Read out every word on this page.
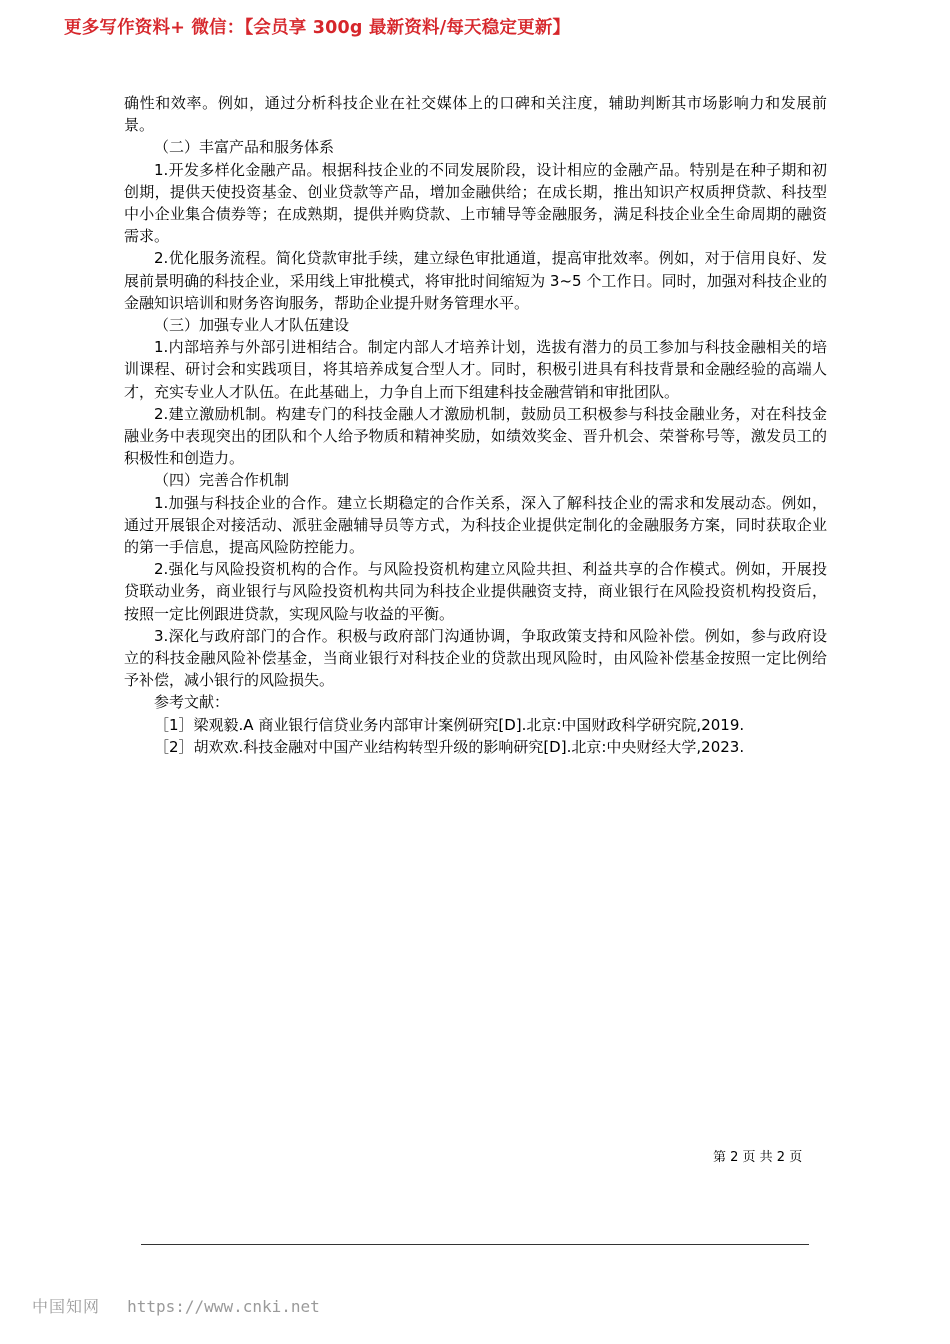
更多写作资料+ 微信：【会员享 300g 最新资料/每天稳定更新】

确性和效率。例如，通过分析科技企业在社交媒体上的口碑和关注度，辅助判断其市场影响力和发展前景。

（二）丰富产品和服务体系

1.开发多样化金融产品。根据科技企业的不同发展阶段，设计相应的金融产品。特别是在种子期和初创期，提供天使投资基金、创业贷款等产品，增加金融供给；在成长期，推出知识产权质押贷款、科技型中小企业集合债券等；在成熟期，提供并购贷款、上市辅导等金融服务，满足科技企业全生命周期的融资需求。

2.优化服务流程。简化贷款审批手续，建立绿色审批通道，提高审批效率。例如，对于信用良好、发展前景明确的科技企业，采用线上审批模式，将审批时间缩短为 3~5 个工作日。同时，加强对科技企业的金融知识培训和财务咨询服务，帮助企业提升财务管理水平。

（三）加强专业人才队伍建设

1.内部培养与外部引进相结合。制定内部人才培养计划，选拔有潜力的员工参加与科技金融相关的培训课程、研讨会和实践项目，将其培养成复合型人才。同时，积极引进具有科技背景和金融经验的高端人才，充实专业人才队伍。在此基础上，力争自上而下组建科技金融营销和审批团队。

2.建立激励机制。构建专门的科技金融人才激励机制，鼓励员工积极参与科技金融业务，对在科技金融业务中表现突出的团队和个人给予物质和精神奖励，如绩效奖金、晋升机会、荣誉称号等，激发员工的积极性和创造力。

（四）完善合作机制

1.加强与科技企业的合作。建立长期稳定的合作关系，深入了解科技企业的需求和发展动态。例如，通过开展银企对接活动、派驻金融辅导员等方式，为科技企业提供定制化的金融服务方案，同时获取企业的第一手信息，提高风险防控能力。

2.强化与风险投资机构的合作。与风险投资机构建立风险共担、利益共享的合作模式。例如，开展投贷联动业务，商业银行与风险投资机构共同为科技企业提供融资支持，商业银行在风险投资机构投资后，按照一定比例跟进贷款，实现风险与收益的平衡。

3.深化与政府部门的合作。积极与政府部门沟通协调，争取政策支持和风险补偿。例如，参与政府设立的科技金融风险补偿基金，当商业银行对科技企业的贷款出现风险时，由风险补偿基金按照一定比例给予补偿，减小银行的风险损失。

参考文献：

［1］梁观毅.A 商业银行信贷业务内部审计案例研究[D].北京:中国财政科学研究院,2019.

［2］胡欢欢.科技金融对中国产业结构转型升级的影响研究[D].北京:中央财经大学,2023.

第 2 页 共 2 页
中国知网 https://www.cnki.net
